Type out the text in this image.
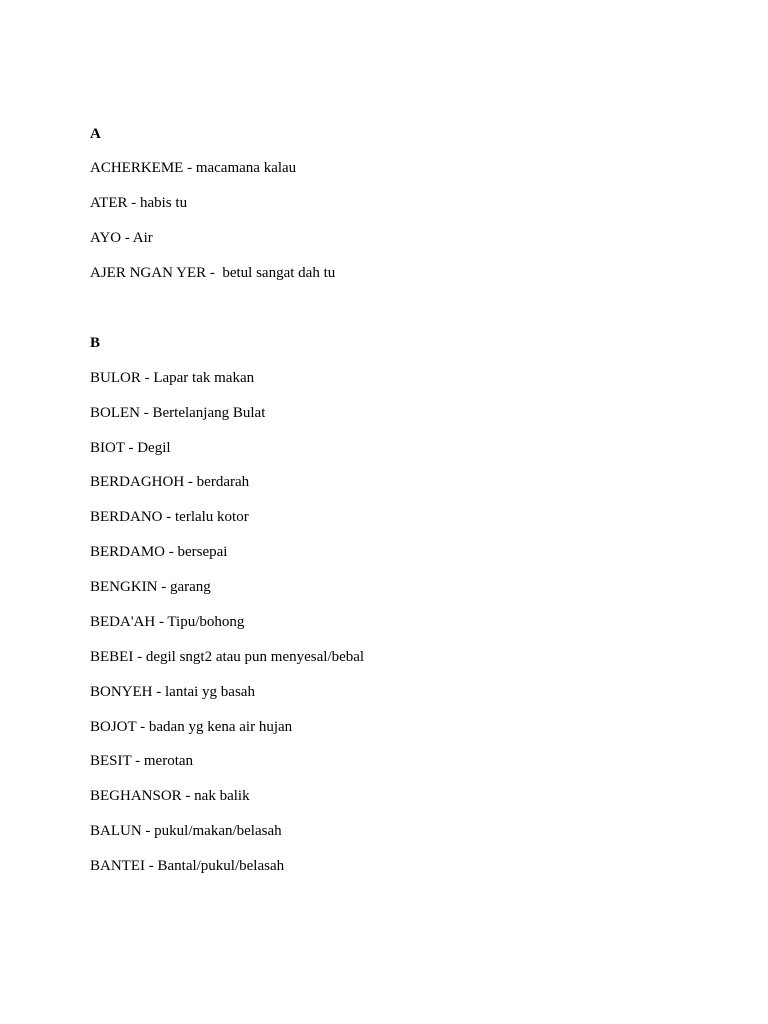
A

ACHERKEME - macamana kalau

ATER - habis tu

AYO - Air

AJER NGAN YER -  betul sangat dah tu

B

BULOR - Lapar tak makan

BOLEN - Bertelanjang Bulat

BIOT - Degil

BERDAGHOH - berdarah

BERDANO - terlalu kotor

BERDAMO - bersepai

BENGKIN - garang

BEDA'AH - Tipu/bohong

BEBEI - degil sngt2 atau pun menyesal/bebal

BONYEH - lantai yg basah

BOJOT - badan yg kena air hujan

BESIT - merotan

BEGHANSOR - nak balik

BALUN - pukul/makan/belasah

BANTEI - Bantal/pukul/belasah
